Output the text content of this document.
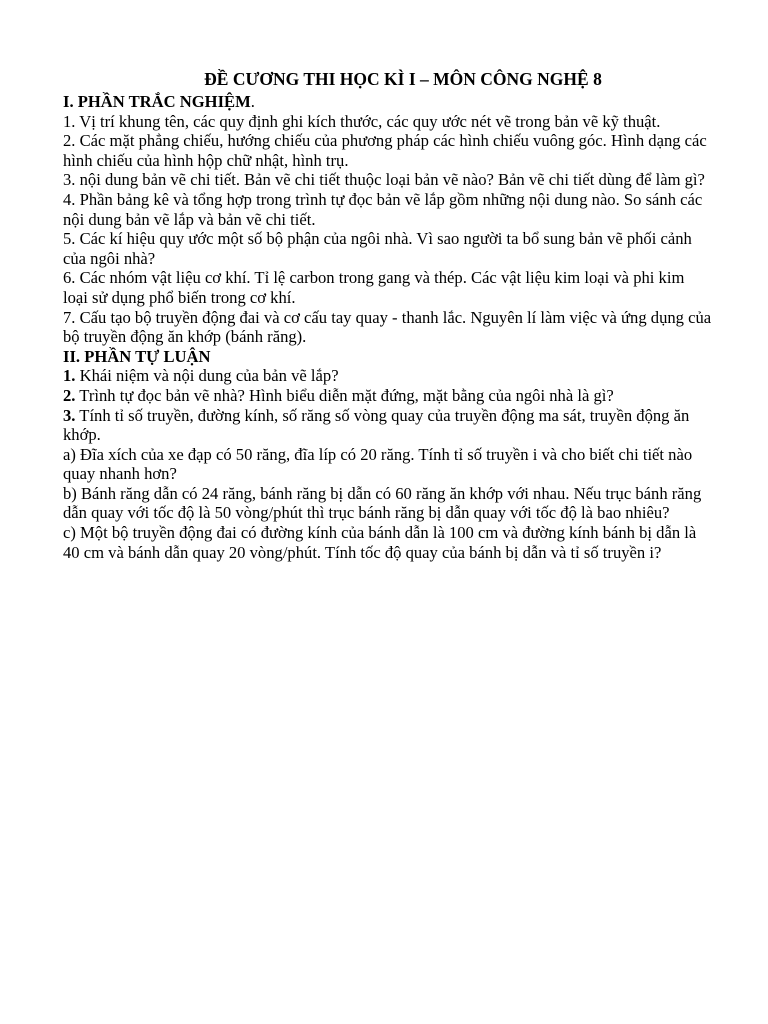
ĐỀ CƯƠNG THI HỌC KÌ I – MÔN CÔNG NGHỆ 8
I. PHẦN TRẮC NGHIỆM.

1. Vị trí khung tên, các quy định ghi kích thước, các quy ước nét vẽ trong bản vẽ kỹ thuật.

2. Các mặt phẳng chiếu, hướng chiếu của phương pháp các hình chiếu vuông góc. Hình dạng các hình chiếu của hình hộp chữ nhật, hình trụ.

3. nội dung bản vẽ chi tiết. Bản vẽ chi tiết thuộc loại bản vẽ nào? Bản vẽ chi tiết dùng để làm gì?

4. Phần bảng kê và tổng hợp trong trình tự đọc bản vẽ lắp gồm những nội dung nào. So sánh các nội dung bản vẽ lắp và bản vẽ chi tiết.

5. Các kí hiệu quy ước một số bộ phận của ngôi nhà. Vì sao người ta bổ sung bản vẽ phối cảnh của ngôi nhà?

6. Các nhóm vật liệu cơ khí. Tỉ lệ carbon trong gang và thép. Các vật liệu kim loại và phi kim loại sử dụng phổ biến trong cơ khí.

7. Cấu tạo bộ truyền động đai và cơ cấu tay quay - thanh lắc. Nguyên lí làm việc và ứng dụng của bộ truyền động ăn khớp (bánh răng).

II. PHẦN TỰ LUẬN

1. Khái niệm và nội dung của bản vẽ lắp?

2. Trình tự đọc bản vẽ nhà? Hình biểu diễn mặt đứng, mặt bằng của ngôi nhà là gì?

3. Tính tỉ số truyền, đường kính, số răng số vòng quay của truyền động ma sát, truyền động ăn khớp.

a) Đĩa xích của xe đạp có 50 răng, đĩa líp có 20 răng. Tính tỉ số truyền i và cho biết chi tiết nào quay nhanh hơn?

b) Bánh răng dẫn có 24 răng, bánh răng bị dẫn có 60 răng ăn khớp với nhau. Nếu trục bánh răng dẫn quay với tốc độ là 50 vòng/phút thì trục bánh răng bị dẫn quay với tốc độ là bao nhiêu?

c) Một bộ truyền động đai có đường kính của bánh dẫn là 100 cm và đường kính bánh bị dẫn là 40 cm và bánh dẫn quay 20 vòng/phút. Tính tốc độ quay của bánh bị dẫn và tỉ số truyền i?
